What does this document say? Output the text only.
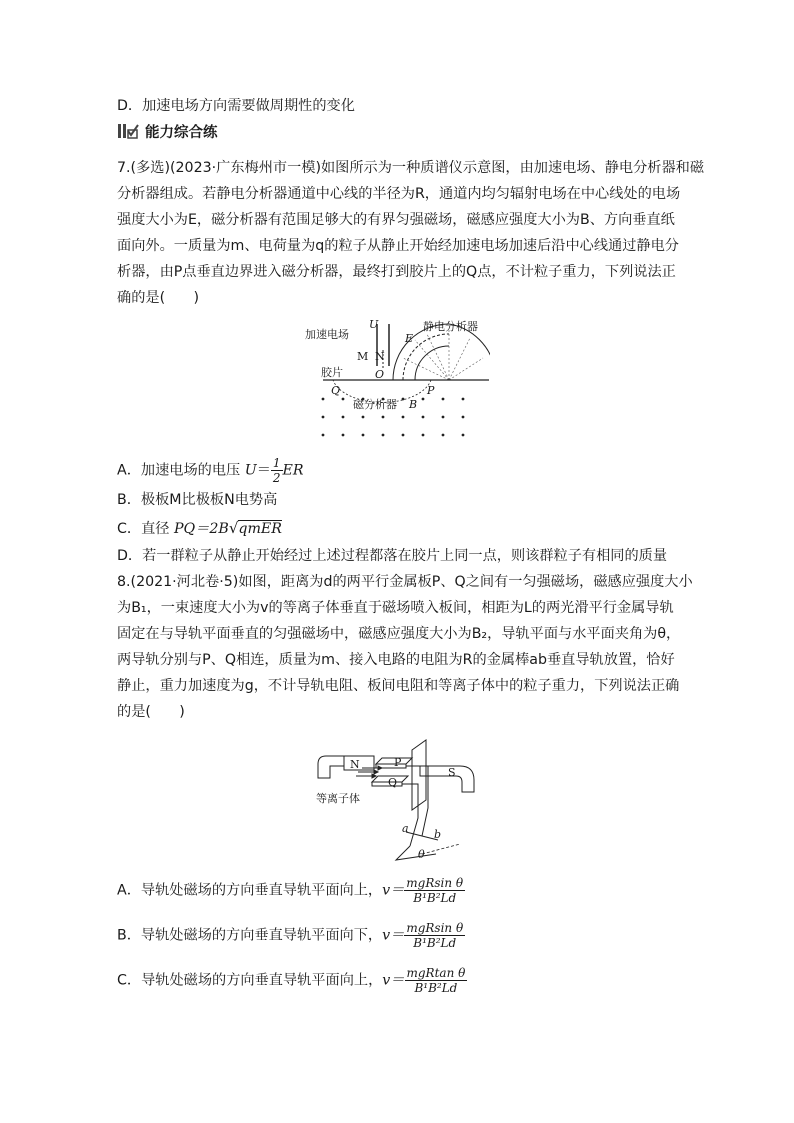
D．加速电场方向需要做周期性的变化
能力综合练
7.(多选)(2023·广东梅州市一模)如图所示为一种质谱仪示意图，由加速电场、静电分析器和磁
分析器组成。若静电分析器通道中心线的半径为R，通道内均匀辐射电场在中心线处的电场
强度大小为E，磁分析器有范围足够大的有界匀强磁场，磁感应强度大小为B、方向垂直纸
面向外。一质量为m、电荷量为q的粒子从静止开始经加速电场加速后沿中心线通过静电分
析器，由P点垂直边界进入磁分析器，最终打到胶片上的Q点，不计粒子重力，下列说法正
确的是(　　)
加速电场
U
M N
E
静电分析器
胶片
Q
O
P
磁分析器 B
A．加速电场的电压 $U= \frac{1}{2}$ ER
B．极板M比极板N电势高
C．直径 PQ＝2B√qmER
D．若一群粒子从静止开始经过上述过程都落在胶片上同一点，则该群粒子有相同的质量
8.(2021·河北卷·5)如图，距离为d的两平行金属板P、Q之间有一匀强磁场，磁感应强度大小
为B₁，一束速度大小为v的等离子体垂直于磁场喷入板间，相距为L的两光滑平行金属导轨
固定在与导轨平面垂直的匀强磁场中，磁感应强度大小为B₂，导轨平面与水平面夹角为θ，
两导轨分别与P、Q相连，质量为m、接入电路的电阻为R的金属棒ab垂直导轨放置，恰好
静止，重力加速度为g，不计导轨电阻、板间电阻和等离子体中的粒子重力，下列说法正确
的是(　　)
N	P
Q
S
等离子体
a b
θ
A．导轨处磁场的方向垂直导轨平面向上，$v= \frac{\text{mgRsin θ}}{\text{B¹B²Ld}}$
B．导轨处磁场的方向垂直导轨平面向下，$v= \frac{\text{mgRsin θ}}{\text{B¹B²Ld}}$
C．导轨处磁场的方向垂直导轨平面向上，$v= \frac{\text{mgRtan θ}}{\text{B¹B²Ld}}$
